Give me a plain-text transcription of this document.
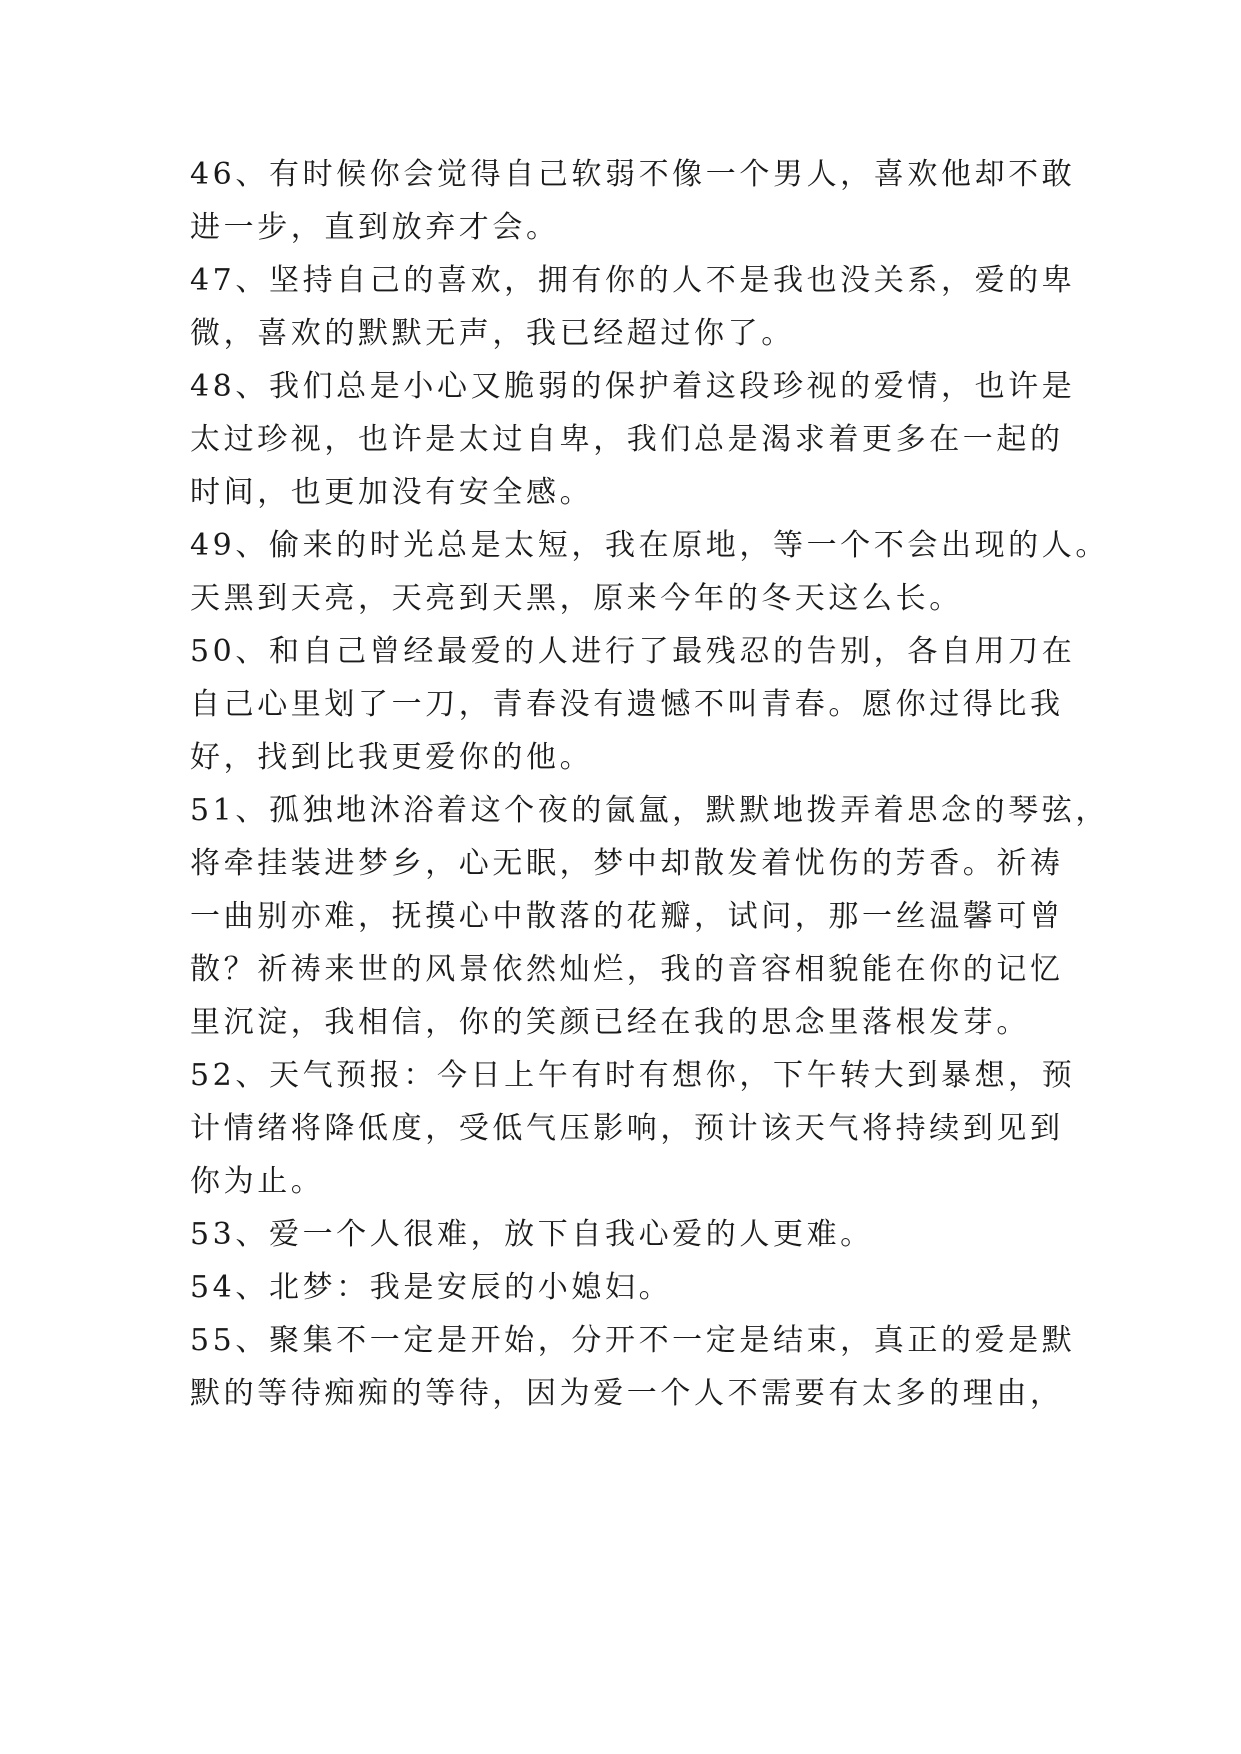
46、有时候你会觉得自己软弱不像一个男人，喜欢他却不敢
进一步，直到放弃才会。
47、坚持自己的喜欢，拥有你的人不是我也没关系，爱的卑
微，喜欢的默默无声，我已经超过你了。
48、我们总是小心又脆弱的保护着这段珍视的爱情，也许是
太过珍视，也许是太过自卑，我们总是渴求着更多在一起的
时间，也更加没有安全感。
49、偷来的时光总是太短，我在原地，等一个不会出现的人。
天黑到天亮，天亮到天黑，原来今年的冬天这么长。
50、和自己曾经最爱的人进行了最残忍的告别，各自用刀在
自己心里划了一刀，青春没有遗憾不叫青春。愿你过得比我
好，找到比我更爱你的他。
51、孤独地沐浴着这个夜的氤氲，默默地拨弄着思念的琴弦，
将牵挂装进梦乡，心无眠，梦中却散发着忧伤的芳香。祈祷
一曲别亦难，抚摸心中散落的花瓣，试问，那一丝温馨可曾
散？祈祷来世的风景依然灿烂，我的音容相貌能在你的记忆
里沉淀，我相信，你的笑颜已经在我的思念里落根发芽。
52、天气预报：今日上午有时有想你，下午转大到暴想，预
计情绪将降低度，受低气压影响，预计该天气将持续到见到
你为止。
53、爱一个人很难，放下自我心爱的人更难。
54、北梦：我是安辰的小媳妇。
55、聚集不一定是开始，分开不一定是结束，真正的爱是默
默的等待痴痴的等待，因为爱一个人不需要有太多的理由，
